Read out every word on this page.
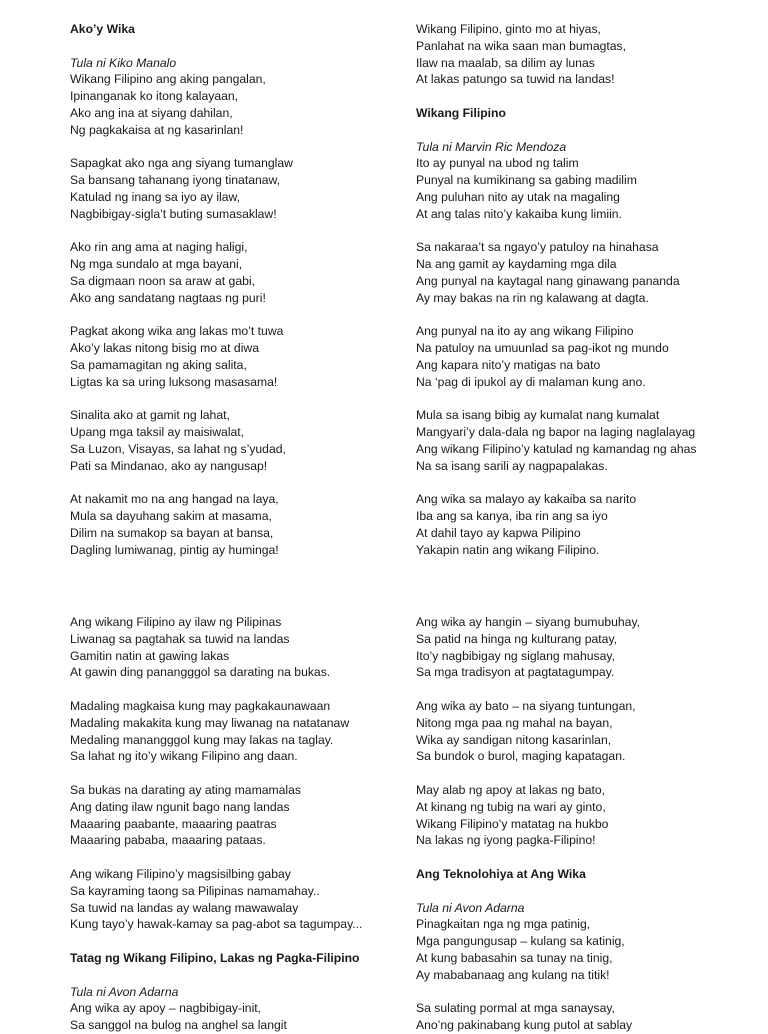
Ako’y Wika
Tula ni Kiko Manalo
Wikang Filipino ang aking pangalan,
Ipinanganak ko itong kalayaan,
Ako ang ina at siyang dahilan,
Ng pagkakaisa at ng kasarinlan!
Sapagkat ako nga ang siyang tumanglaw
Sa bansang tahanang iyong tinatanaw,
Katulad ng inang sa iyo ay ilaw,
Nagbibigay-sigla’t buting sumasaklaw!
Ako rin ang ama at naging haligi,
Ng mga sundalo at mga bayani,
Sa digmaan noon sa araw at gabi,
Ako ang sandatang nagtaas ng puri!
Pagkat akong wika ang lakas mo’t tuwa
Ako’y lakas nitong bisig mo at diwa
Sa pamamagitan ng aking salita,
Ligtas ka sa uring luksong masasama!
Sinalita ako at gamit ng lahat,
Upang mga taksil ay maisiwalat,
Sa Luzon, Visayas, sa lahat ng s’yudad,
Pati sa Mindanao, ako ay nangusap!
At nakamit mo na ang hangad na laya,
Mula sa dayuhang sakim at masama,
Dilim na sumakop sa bayan at bansa,
Dagling lumiwanag, pintig ay huminga!
Wikang Filipino, ginto mo at hiyas,
Panlahat na wika saan man bumagtas,
Ilaw na maalab, sa dilim ay lunas
At lakas patungo sa tuwid na landas!
Wikang Filipino
Tula ni Marvin Ric Mendoza
Ito ay punyal na ubod ng talim
Punyal na kumikinang sa gabing madilim
Ang puluhan nito ay utak na magaling
At ang talas nito’y kakaiba kung limiin.
Sa nakaraa’t sa ngayo’y patuloy na hinahasa
Na ang gamit ay kaydaming mga dila
Ang punyal na kaytagal nang ginawang pananda
Ay may bakas na rin ng kalawang at dagta.
Ang punyal na ito ay ang wikang Filipino
Na patuloy na umuunlad sa pag-ikot ng mundo
Ang kapara nito’y matigas na bato
Na ‘pag di ipukol ay di malaman kung ano.
Mula sa isang bibig ay kumalat nang kumalat
Mangyari’y dala-dala ng bapor na laging naglalayag
Ang wikang Filipino’y katulad ng kamandag ng ahas
Na sa isang sarili ay nagpapalakas.
Ang wika sa malayo ay kakaiba sa narito
Iba ang sa kanya, iba rin ang sa iyo
At dahil tayo ay kapwa Pilipino
Yakapin natin ang wikang Filipino.
Ang wikang Filipino ay ilaw ng Pilipinas
Liwanag sa pagtahak sa tuwid na landas
Gamitin natin at gawing lakas
At gawin ding panangggol sa darating na bukas.
Madaling magkaisa kung may pagkakaunawaan
Madaling makakita kung may liwanag na natatanaw
Medaling manangggol kung may lakas na taglay.
Sa lahat ng ito’y wikang Filipino ang daan.
Sa bukas na darating ay ating mamamalas
Ang dating ilaw ngunit bago nang landas
Maaaring paabante, maaaring paatras
Maaaring pababa, maaaring pataas.
Ang wikang Filipino’y magsisilbing gabay
Sa kayraming taong sa Pilipinas namamahay..
Sa tuwid na landas ay walang mawawalay
Kung tayo’y hawak-kamay sa pag-abot sa tagumpay...
Tatag ng Wikang Filipino, Lakas ng Pagka-Filipino
Tula ni Avon Adarna
Ang wika ay apoy – nagbibigay-init,
Sa sanggol na bulog na anghel sa langit
Ang wika ay hangin – siyang bumubuhay,
Sa patid na hinga ng kulturang patay,
Ito’y nagbibigay ng siglang mahusay,
Sa mga tradisyon at pagtatagumpay.
Ang wika ay bato – na siyang tuntungan,
Nitong mga paa ng mahal na bayan,
Wika ay sandigan nitong kasarinlan,
Sa bundok o burol, maging kapatagan.
May alab ng apoy at lakas ng bato,
At kinang ng tubig na wari ay ginto,
Wikang Filipino’y matatag na hukbo
Na lakas ng iyong pagka-Filipino!
Ang Teknolohiya at Ang Wika
Tula ni Avon Adarna
Pinagkaitan nga ng mga patinig,
Mga pangungusap – kulang sa katinig,
At kung babasahin sa tunay na tinig,
Ay mababanaag ang kulang na titik!
Sa sulating pormal at mga sanaysay,
Ano’ng pakinabang kung putol at sablay
